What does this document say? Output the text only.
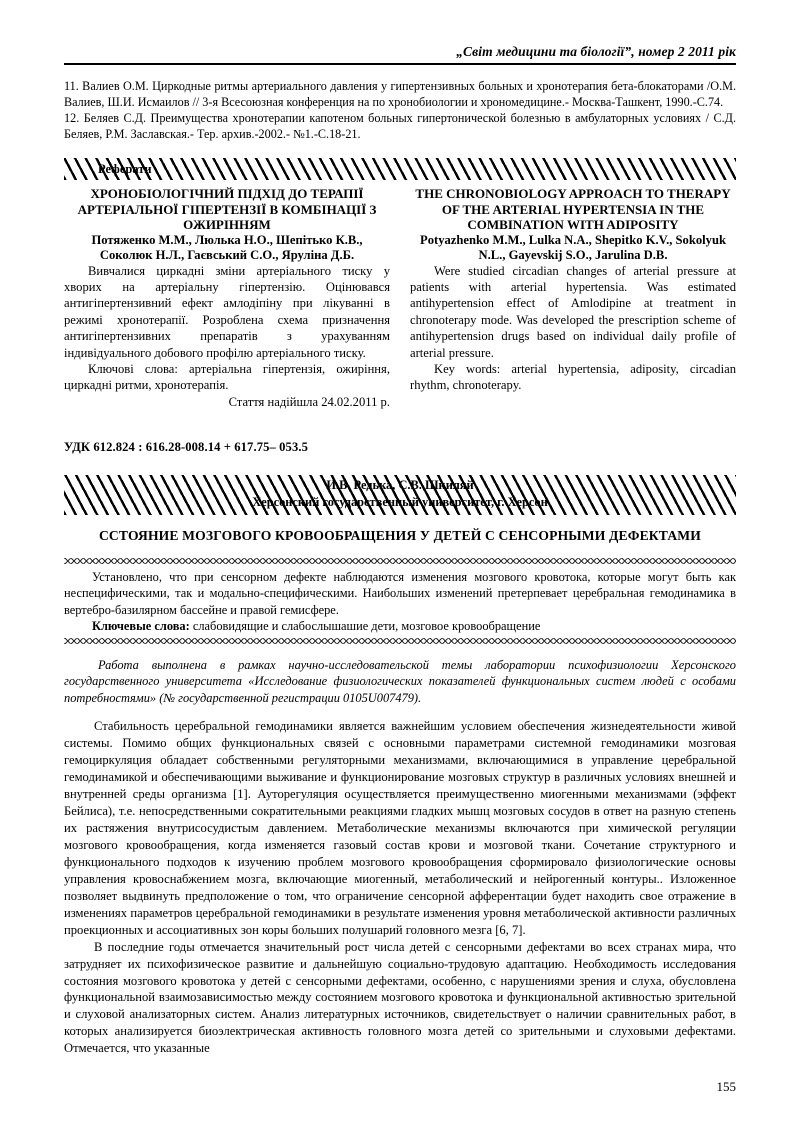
„Світ медицини та біології”, номер 2 2011 рік
11. Валиев О.М. Циркодные ритмы артериального давления у гипертензивных больных и хронотерапия бета-блокаторами /О.М. Валиев, Ш.И. Исмаилов // 3-я Всесоюзная конференция на по хронобиологии и хрономедицине.- Москва-Ташкент, 1990.-С.74.
12. Беляев С.Д. Преимущества хронотерапии капотеном больных гипертонической болезнью в амбулаторных условиях / С.Д. Беляев, Р.М. Заславская.- Тер. архив.-2002.- №1.-С.18-21.
Реферати
ХРОНОБІОЛОГІЧНИЙ ПІДХІД ДО ТЕРАПІЇ АРТЕРІАЛЬНОЇ ГІПЕРТЕНЗІЇ В КОМБІНАЦІЇ З ОЖИРІННЯМ
Потяженко М.М., Люлька Н.О., Шепітько К.В., Соколюк Н.Л., Гаєвський С.О., Яруліна Д.Б.

Вивчалися циркадні зміни артеріального тиску у хворих на артеріальну гіпертензію. Оцінювався антигіпертензивний ефект амлодіпіну при лікуванні в режимі хронотерапії. Розроблена схема призначення антигіпертензивних препаратів з урахуванням індивідуального добового профілю артеріального тиску.

Ключові слова: артеріальна гіпертензія, ожиріння, циркадні ритми, хронотерапія.

Стаття надійшла 24.02.2011 р.
THE CHRONOBIOLOGY APPROACH TO THERAPY OF THE ARTERIAL HYPERTENSIA IN THE COMBINATION WITH ADIPOSITY
Potyazhenko M.M., Lulka N.A., Shepitko K.V., Sokolyuk N.L., Gayevskij S.O., Jarulina D.B.

Were studied circadian changes of arterial pressure at patients with arterial hypertensia. Was estimated antihypertension effect of Amlodipine at treatment in chronoterapy mode. Was developed the prescription scheme of antihypertension drugs based on individual daily profile of arterial pressure.

Key words: arterial hypertensia, adiposity, circadian rhythm, chronoterapy.

УДК 612.824 : 616.28-008.14 + 617.75– 053.5
И.В. Редька, С.В. Шкиляй
Херсонский государственный университет, г. Херсон
ССТОЯНИЕ МОЗГОВОГО КРОВООБРАЩЕНИЯ У ДЕТЕЙ С СЕНСОРНЫМИ ДЕФЕКТАМИ

Установлено, что при сенсорном дефекте наблюдаются изменения мозгового кровотока, которые могут быть как неспецифическими, так и модально-специфическими. Наибольших изменений претерпевает церебральная гемодинамика в вертебро-базилярном бассейне и правой гемисфере.

Ключевые слова: слабовидящие и слабослышашие дети, мозговое кровообращение

Работа выполнена в рамках научно-исследовательской темы лаборатории психофизиологии Херсонского государственного университета «Исследование физиологических показателей функциональных систем людей с особами потребностями» (№ государственной регистрации 0105U007479).

Стабильность церебральной гемодинамики является важнейшим условием обеспечения жизнедеятельности живой системы. Помимо общих функциональных связей с основными параметрами системной гемодинамики мозговая гемоциркуляция обладает собственными регуляторными механизмами, включающимися в управление церебральной гемодинамикой и обеспечивающими выживание и функционирование мозговых структур в различных условиях внешней и внутренней среды организма [1]. Ауторегуляция осуществляется преимущественно миогенными механизмами (эффект Бейлиса), т.е. непосредственными сократительными реакциями гладких мышц мозговых сосудов в ответ на разную степень их растяжения внутрисосудистым давлением. Метаболические механизмы включаются при химической регуляции мозгового кровообращения, когда изменяется газовый состав крови и мозговой ткани. Сочетание структурного и функционального подходов к изучению проблем мозгового кровообращения сформировало физиологические основы управления кровоснабжением мозга, включающие миогенный, метаболический и нейрогенный контуры.. Изложенное позволяет выдвинуть предположение о том, что ограничение сенсорной афферентации будет находить свое отражение в изменениях параметров церебральной гемодинамики в результате изменения уровня метаболической активности различных проекционных и ассоциативных зон коры больших полушарий головного мезга [6, 7].

В последние годы отмечается значительный рост числа детей с сенсорными дефектами во всех странах мира, что затрудняет их психофизическое развитие и дальнейшую социально-трудовую адаптацию. Необходимость исследования состояния мозгового кровотока у детей с сенсорными дефектами, особенно, с нарушениями зрения и слуха, обусловлена функциональной взаимозависимостью между состоянием мозгового кровотока и функциональной активностью зрительной и слуховой анализаторных систем. Анализ литературных источников, свидетельствует о наличии сравнительных работ, в которых анализируется биоэлектрическая активность головного мозга детей со зрительными и слуховыми дефектами. Отмечается, что указанные

155
